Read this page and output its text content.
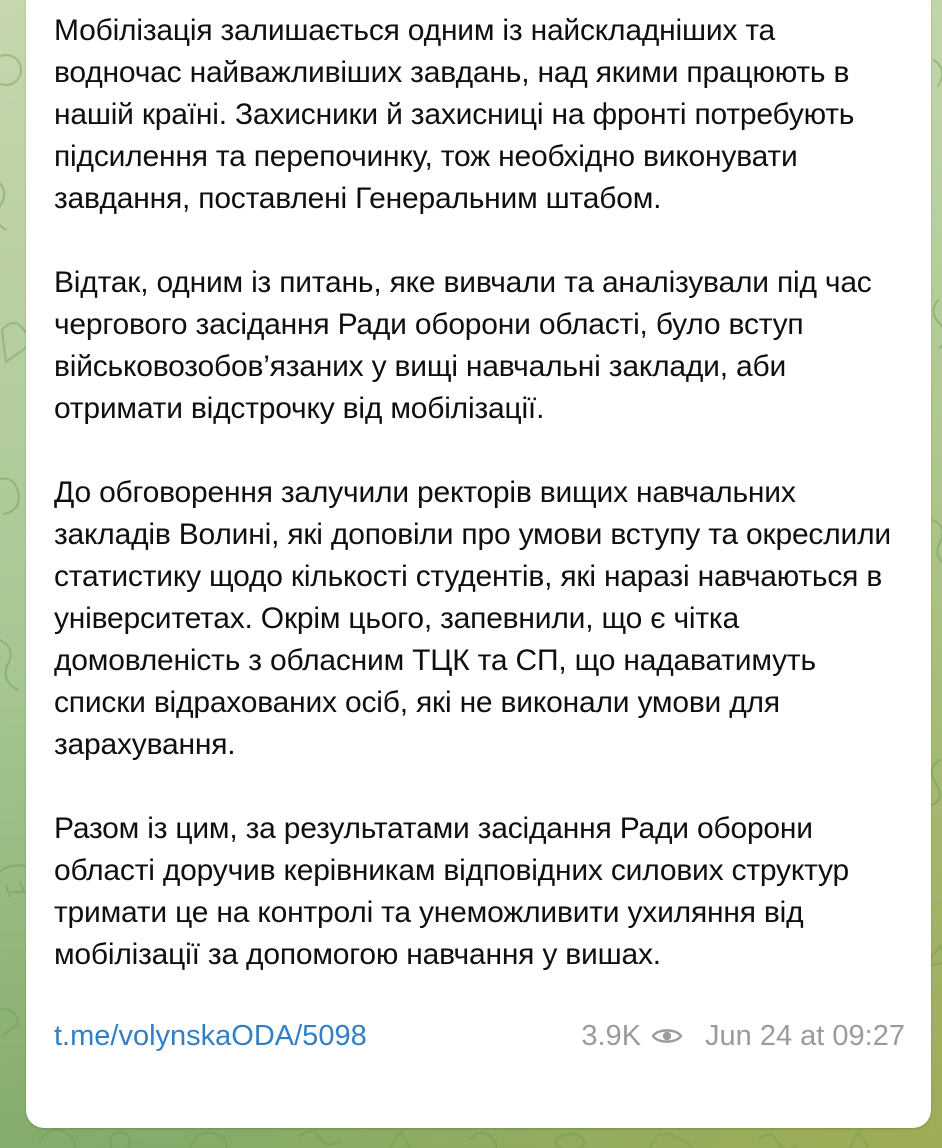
Мобілізація залишається одним із найскладніших та водночас найважливіших завдань, над якими працюють в нашій країні. Захисники й захисниці на фронті потребують підсилення та перепочинку, тож необхідно виконувати завдання, поставлені Генеральним штабом.

Відтак, одним із питань, яке вивчали та аналізували під час чергового засідання Ради оборони області, було вступ військовозобов’язаних у вищі навчальні заклади, аби отримати відстрочку від мобілізації.

До обговорення залучили ректорів вищих навчальних закладів Волині, які доповіли про умови вступу та окреслили статистику щодо кількості студентів, які наразі навчаються в університетах. Окрім цього, запевнили, що є чітка домовленість з обласним ТЦК та СП, що надаватимуть списки відрахованих осіб, які не виконали умови для зарахування.

Разом із цим, за результатами засідання Ради оборони області доручив керівникам відповідних силових структур тримати це на контролі та унеможливити ухиляння від мобілізації за допомогою навчання у вишах.

t.me/volynskaODA/5098	3.9K Jun 24 at 09:27
